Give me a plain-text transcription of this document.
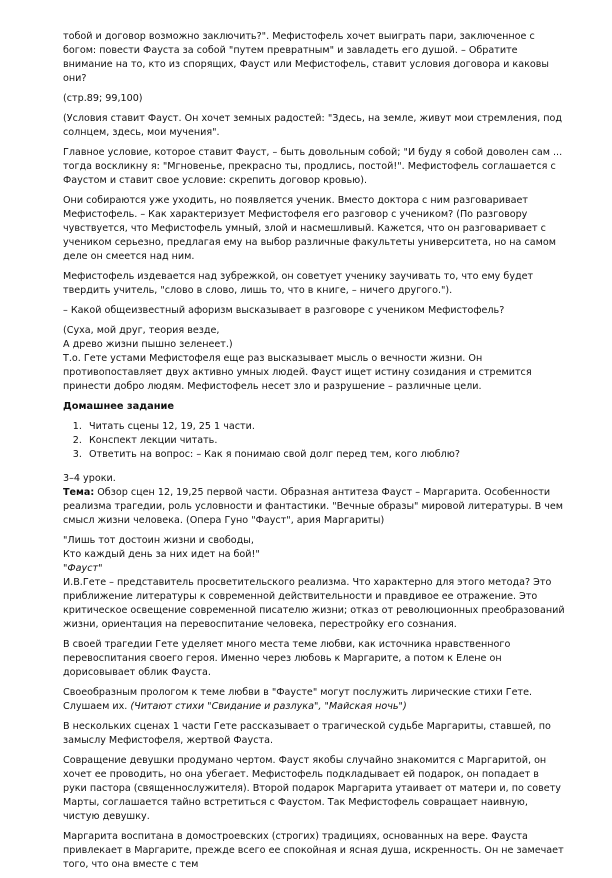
тобой и договор возможно заключить?". Мефистофель хочет выиграть пари, заключенное с богом: повести Фауста за собой "путем превратным" и завладеть его душой. – Обратите внимание на то, кто из спорящих, Фауст или Мефистофель, ставит условия договора и каковы они?

(стр.89; 99,100)

(Условия ставит Фауст. Он хочет земных радостей: "Здесь, на земле, живут мои стремления, под солнцем, здесь, мои мучения".

Главное условие, которое ставит Фауст, – быть довольным собой; "И буду я собой доволен сам ... тогда воскликну я: "Мгновенье, прекрасно ты, продлись, постой!". Мефистофель соглашается с Фаустом и ставит свое условие: скрепить договор кровью).

Они собираются уже уходить, но появляется ученик. Вместо доктора с ним разговаривает Мефистофель. – Как характеризует Мефистофеля его разговор с учеником? (По разговору чувствуется, что Мефистофель умный, злой и насмешливый. Кажется, что он разговаривает с учеником серьезно, предлагая ему на выбор различные факультеты университета, но на самом деле он смеется над ним.

Мефистофель издевается над зубрежкой, он советует ученику заучивать то, что ему будет твердить учитель, "слово в слово, лишь то, что в книге, – ничего другого.").

– Какой общеизвестный афоризм высказывает в разговоре с учеником Мефистофель?

(Суха, мой друг, теория везде,

А древо жизни пышно зеленеет.)

Т.о. Гете устами Мефистофеля еще раз высказывает мысль о вечности жизни. Он противопоставляет двух активно умных людей. Фауст ищет истину созидания и стремится принести добро людям. Мефистофель несет зло и разрушение – различные цели.

Домашнее задание
1. Читать сцены 12, 19, 25 1 части.
2. Конспект лекции читать.
3. Ответить на вопрос: – Как я понимаю свой долг перед тем, кого люблю?

3–4 уроки.

Тема: Обзор сцен 12, 19,25 первой части. Образная антитеза Фауст – Маргарита. Особенности реализма трагедии, роль условности и фантастики. "Вечные образы" мировой литературы. В чем смысл жизни человека. (Опера Гуно "Фауст", ария Маргариты)

"Лишь тот достоин жизни и свободы,

Кто каждый день за них идет на бой!"

"Фауст"

И.В.Гете – представитель просветительского реализма. Что характерно для этого метода? Это приближение литературы к современной действительности и правдивое ее отражение. Это критическое освещение современной писателю жизни; отказ от революционных преобразований жизни, ориентация на перевоспитание человека, перестройку его сознания.

В своей трагедии Гете уделяет много места теме любви, как источника нравственного перевоспитания своего героя. Именно через любовь к Маргарите, а потом к Елене он дорисовывает облик Фауста.

Своеобразным прологом к теме любви в "Фаусте" могут послужить лирические стихи Гете. Слушаем их. (Читают стихи "Свидание и разлука", "Майская ночь")

В нескольких сценах 1 части Гете рассказывает о трагической судьбе Маргариты, ставшей, по замыслу Мефистофеля, жертвой Фауста.

Совращение девушки продумано чертом. Фауст якобы случайно знакомится с Маргаритой, он хочет ее проводить, но она убегает. Мефистофель подкладывает ей подарок, он попадает в руки пастора (священнослужителя). Второй подарок Маргарита утаивает от матери и, по совету Марты, соглашается тайно встретиться с Фаустом. Так Мефистофель совращает наивную, чистую девушку.

Маргарита воспитана в домостроевских (строгих) традициях, основанных на вере. Фауста привлекает в Маргарите, прежде всего ее спокойная и ясная душа, искренность. Он не замечает того, что она вместе с тем
